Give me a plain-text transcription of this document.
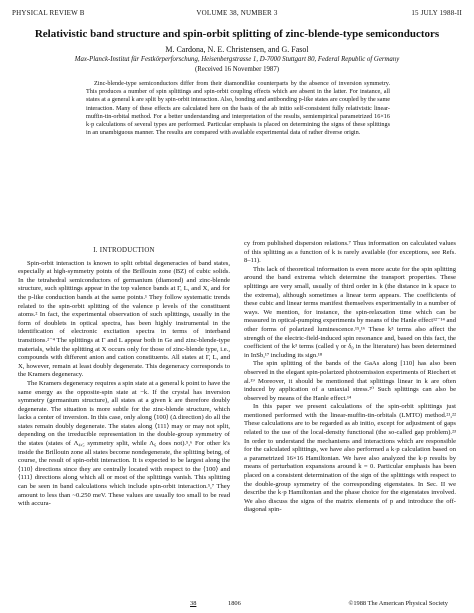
PHYSICAL REVIEW B	VOLUME 38, NUMBER 3	15 JULY 1988-II
Relativistic band structure and spin-orbit splitting of zinc-blende-type semiconductors
M. Cardona, N. E. Christensen, and G. Fasol
Max-Planck-Institut für Festkörperforschung, Heisenbergstrasse 1, D-7000 Stuttgart 80, Federal Republic of Germany
(Received 16 November 1987)
Zinc-blende-type semiconductors differ from their diamondlike counterparts by the absence of inversion symmetry. This produces a number of spin splittings and spin-orbit coupling effects which are absent in the latter. For instance, all states at a general k are split by spin-orbit interaction. Also, bonding and antibonding p-like states are coupled by the same interaction. Many of these effects are calculated here on the basis of the ab initio self-consistent fully relativistic linear-muffin-tin-orbital method. For a better understanding and interpretation of the results, semiempirical parametrized 16×16 k·p calculations of several types are performed. Particular emphasis is placed on determining the signs of these splittings in an unambiguous manner. The results are compared with available experimental data of rather diverse origin.
I. INTRODUCTION

Spin-orbit interaction is known to split orbital degeneracies of band states, especially at high-symmetry points of the Brillouin zone (BZ) of cubic solids. In the tetrahedral semiconductors of germanium (diamond) and zinc-blende structure, such splittings appear in the top valence bands at Γ, L, and X, and for the p-like conduction bands at the same points.¹ They follow systematic trends related to the spin-orbit splitting of the valence p levels of the constituent atoms.² In fact, the experimental observation of such splittings, usually in the form of doublets in optical spectra, has been highly instrumental in the identification of electronic excitation spectra in terms of interband transitions.²⁻⁴ The splittings at Γ and L appear both in Ge and zinc-blende-type materials, while the splitting at X occurs only for those of zinc-blende type, i.e., compounds with different anion and cation constituents. All states at Γ, L, and X, however, remain at least doubly degenerate. This degeneracy corresponds to the Kramers degeneracy.

The Kramers degeneracy requires a spin state at a general k point to have the same energy as the opposite-spin state at −k. If the crystal has inversion symmetry (germanium structure), all states at a given k are therefore doubly degenerate. The situation is more subtle for the zinc-blende structure, which lacks a center of inversion. In this case, only along ⟨100⟩ (Δ direction) do all the states remain doubly degenerate. The states along ⟨111⟩ may or may not split, depending on the irreducible representation in the double-group symmetry of the states (states of Λ₄,₅ symmetry split, while Λ₆ does not).⁵,⁶ For other k's inside the Brillouin zone all states become nondegenerate, the splitting being, of course, the result of spin-orbit interaction. It is expected to be largest along the ⟨110⟩ directions since they are centrally located with respect to the ⟨100⟩ and ⟨111⟩ directions along which all or most of the splittings vanish. This splitting can be seen in band calculations which include spin-orbit interaction.⁵,⁷ They amount to less than ~0.250 meV. These values are usually too small to be read with accura-

cy from published dispersion relations.⁷ Thus information on calculated values of this splitting as a function of k is rarely available (for exceptions, see Refs. 8–11).

This lack of theoretical information is even more acute for the spin splitting around the band extrema which determine the transport properties. These splittings are very small, usually of third order in k (the distance in k space to the extrema), although sometimes a linear term appears. The coefficients of these cubic and linear terms manifest themselves experimentally in a number of ways. We mention, for instance, the spin-relaxation time which can be measured in optical-pumping experiments by means of the Hanle effect¹²⁻¹⁴ and other forms of polarized luminescence.¹⁵,¹⁶ These k³ terms also affect the strength of the electric-field-induced spin resonance and, based on this fact, the coefficient of the k³ terms (called γ or δ₀ in the literature) has been determined in InSb,¹⁷ including its sign.¹⁸

The spin splitting of the bands of the GaAs along [110] has also been observed in the elegant spin-polarized photoemission experiments of Riechert et al.¹⁹ Moreover, it should be mentioned that splittings linear in k are often induced by application of a uniaxial stress.²⁰ Such splittings can also be observed by means of the Hanle effect.¹⁴

In this paper we present calculations of the spin-orbit splittings just mentioned performed with the linear-muffin-tin-orbitals (LMTO) method.²¹,²² These calculations are to be regarded as ab initio, except for adjustment of gaps related to the use of the local-density functional (the so-called gap problem).²³ In order to understand the mechanisms and interactions which are responsible for the calculated splittings, we have also performed a k·p calculation based on a parametrized 16×16 Hamiltonian. We have also analyzed the k·p results by means of perturbation expansions around k = 0. Particular emphasis has been placed on a consistent determination of the sign of the splittings with respect to the double-group symmetry of the corresponding eigenstates. In Sec. II we describe the k·p Hamiltonian and the phase choice for the eigenstates involved. We also discuss the signs of the matrix elements of p and introduce the off-diagonal spin-

38	1806	©1988 The American Physical Society
